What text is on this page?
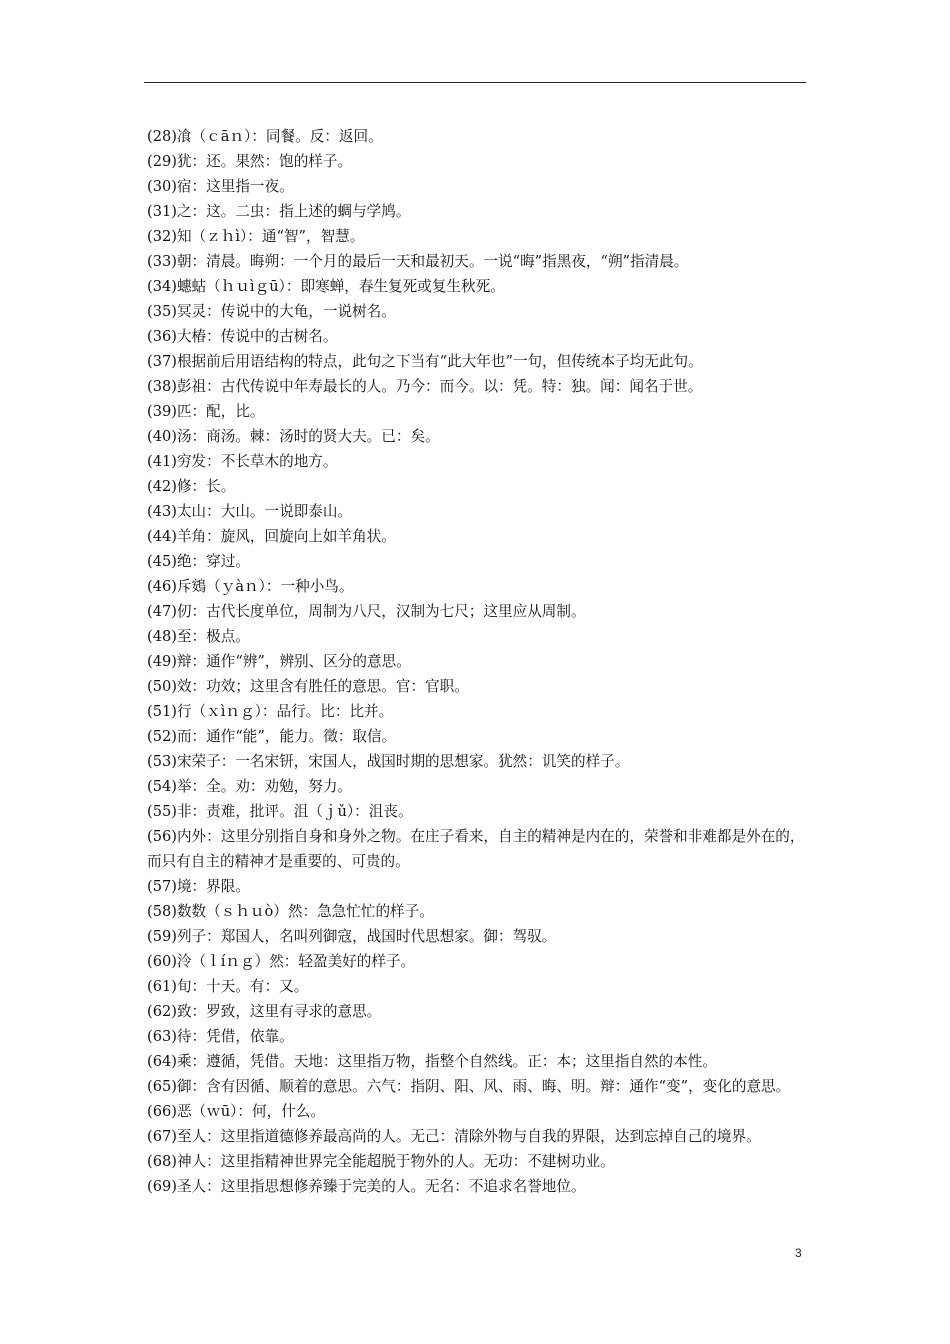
(28)飡（ｃāｎ）：同餐。反：返回。
(29)犹：还。果然：饱的样子。
(30)宿：这里指一夜。
(31)之：这。二虫：指上述的蜩与学鸠。
(32)知（ｚｈì）：通“智”，智慧。
(33)朝：清晨。晦朔：一个月的最后一天和最初天。一说“晦”指黑夜，“朔”指清晨。
(34)蟪蛄（ｈｕìｇū）：即寒蝉，春生复死或复生秋死。
(35)冥灵：传说中的大龟，一说树名。
(36)大椿：传说中的古树名。
(37)根据前后用语结构的特点，此句之下当有“此大年也”一句，但传统本子均无此句。
(38)彭祖：古代传说中年寿最长的人。乃今：而今。以：凭。特：独。闻：闻名于世。
(39)匹：配，比。
(40)汤：商汤。棘：汤时的贤大夫。已：矣。
(41)穷发：不长草木的地方。
(42)修：长。
(43)太山：大山。一说即泰山。
(44)羊角：旋风，回旋向上如羊角状。
(45)绝：穿过。
(46)斥鴳（ｙàｎ）：一种小鸟。
(47)仞：古代长度单位，周制为八尺，汉制为七尺；这里应从周制。
(48)至：极点。
(49)辩：通作“辨”，辨别、区分的意思。
(50)效：功效；这里含有胜任的意思。官：官职。
(51)行（ｘìｎｇ）：品行。比：比并。
(52)而：通作“能”，能力。徵：取信。
(53)宋荣子：一名宋钘，宋国人，战国时期的思想家。犹然：讥笑的样子。
(54)举：全。劝：劝勉，努力。
(55)非：责难，批评。沮（ｊǔ）：沮丧。
(56)内外：这里分别指自身和身外之物。在庄子看来，自主的精神是内在的，荣誉和非难都是外在的，而只有自主的精神才是重要的、可贵的。
(57)境：界限。
(58)数数（ｓｈｕò）然：急急忙忙的样子。
(59)列子：郑国人，名叫列御寇，战国时代思想家。御：驾驭。
(60)泠（ｌíｎｇ）然：轻盈美好的样子。
(61)旬：十天。有：又。
(62)致：罗致，这里有寻求的意思。
(63)待：凭借，依靠。
(64)乘：遵循，凭借。天地：这里指万物，指整个自然线。正：本；这里指自然的本性。
(65)御：含有因循、顺着的意思。六气：指阴、阳、风、雨、晦、明。辩：通作“变”，变化的意思。
(66)恶（ｗū）：何，什么。
(67)至人：这里指道德修养最高尚的人。无己：清除外物与自我的界限，达到忘掉自己的境界。
(68)神人：这里指精神世界完全能超脱于物外的人。无功：不建树功业。
(69)圣人：这里指思想修养臻于完美的人。无名：不追求名誉地位。
3
